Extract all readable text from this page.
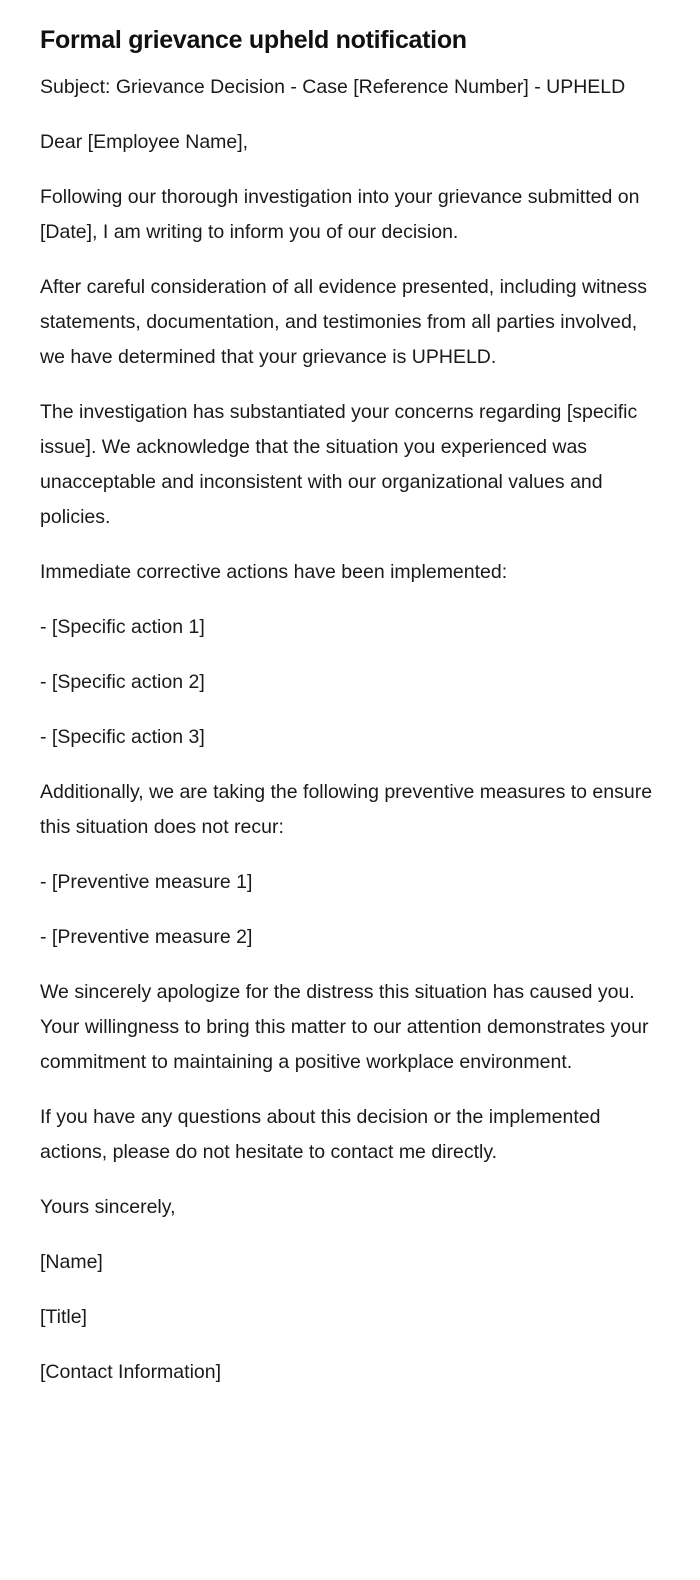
Formal grievance upheld notification

Subject: Grievance Decision - Case [Reference Number] - UPHELD

Dear [Employee Name],

Following our thorough investigation into your grievance submitted on [Date], I am writing to inform you of our decision.

After careful consideration of all evidence presented, including witness statements, documentation, and testimonies from all parties involved, we have determined that your grievance is UPHELD.

The investigation has substantiated your concerns regarding [specific issue]. We acknowledge that the situation you experienced was unacceptable and inconsistent with our organizational values and policies.

Immediate corrective actions have been implemented:

- [Specific action 1]

- [Specific action 2]

- [Specific action 3]

Additionally, we are taking the following preventive measures to ensure this situation does not recur:

- [Preventive measure 1]

- [Preventive measure 2]

We sincerely apologize for the distress this situation has caused you. Your willingness to bring this matter to our attention demonstrates your commitment to maintaining a positive workplace environment.

If you have any questions about this decision or the implemented actions, please do not hesitate to contact me directly.

Yours sincerely,

[Name]

[Title]

[Contact Information]
